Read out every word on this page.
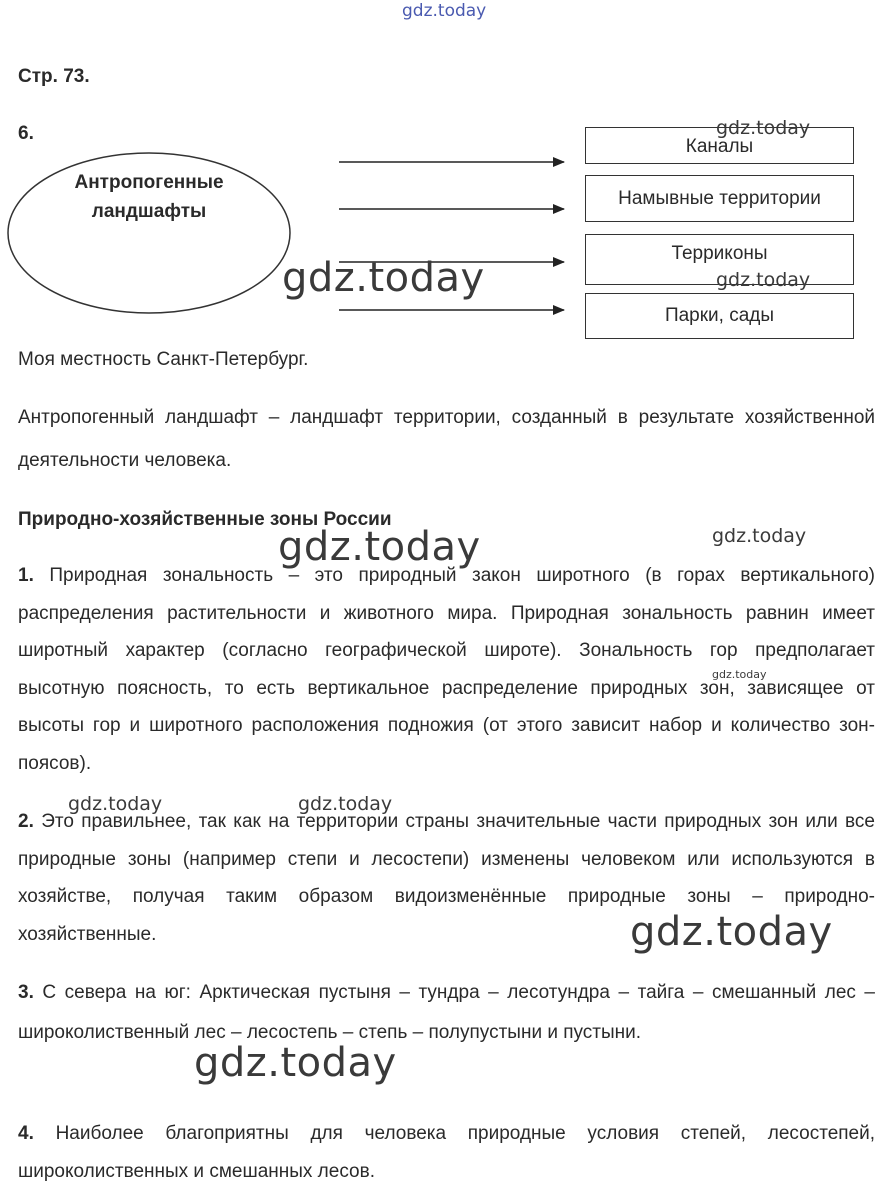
gdz.today
Стр. 73.
6.
Антропогенные ландшафты
Каналы
Намывные территории
Терриконы
Парки, сады
Моя местность Санкт-Петербург.
Антропогенный ландшафт – ландшафт территории, созданный в результате хозяйственной деятельности человека.
Природно-хозяйственные зоны России
1. Природная зональность – это природный закон широтного (в горах вертикального) распределения растительности и животного мира. Природная зональность равнин имеет широтный характер (согласно географической широте). Зональность гор предполагает высотную поясность, то есть вертикальное распределение природных зон, зависящее от высоты гор и широтного расположения подножия (от этого зависит набор и количество зон-поясов).
2. Это правильнее, так как на территории страны значительные части природных зон или все природные зоны (например степи и лесостепи) изменены человеком или используются в хозяйстве, получая таким образом видоизменённые природные зоны – природно-хозяйственные.
3. С севера на юг: Арктическая пустыня – тундра – лесотундра – тайга – смешанный лес – широколиственный лес – лесостепь – степь – полупустыни и пустыни.
4. Наиболее благоприятны для человека природные условия степей, лесостепей, широколиственных и смешанных лесов.
gdz.today
gdz.today	gdz.today
gdz.today
gdz.today
gdz.today
gdz.today	gdz.today
gdz.today
gdz.today
